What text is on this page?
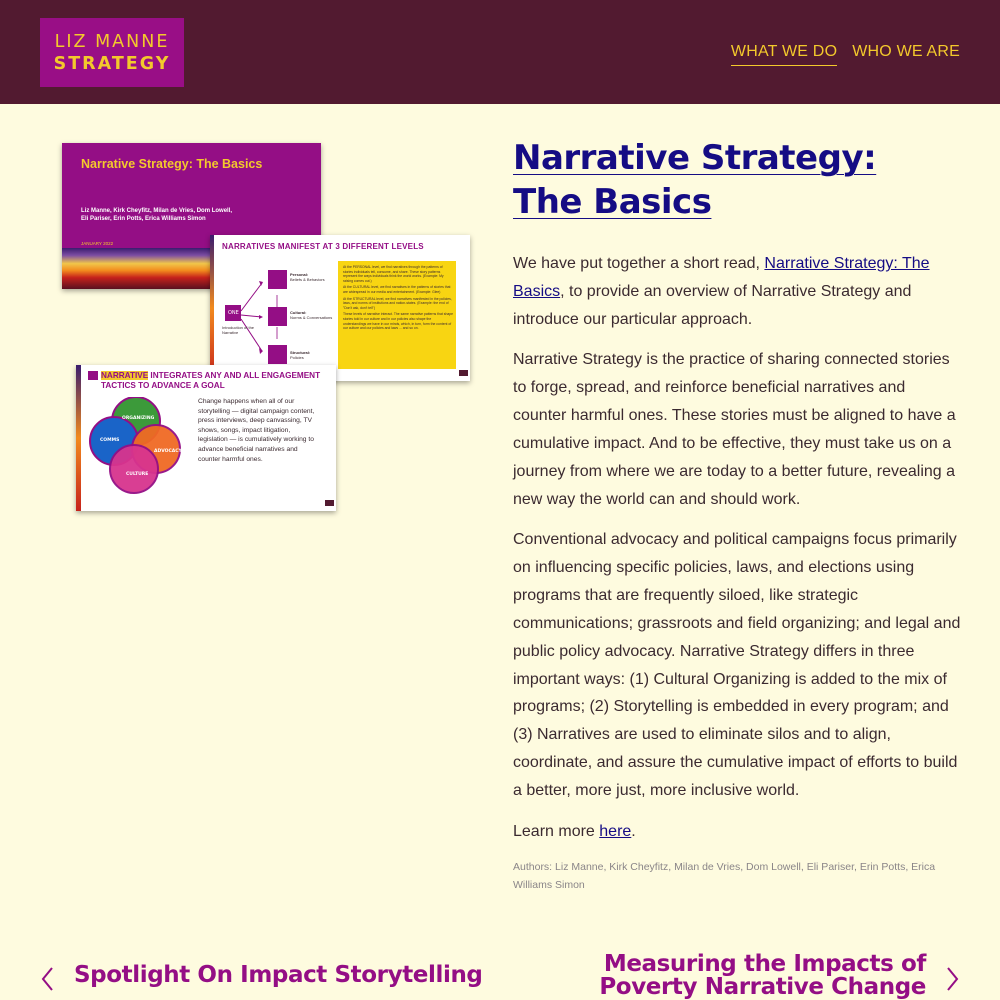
LIZ MANNE
STRATEGY
WHAT WE DO WHO WE ARE
Narrative Strategy: The Basics
Liz Manne, Kirk Cheyfitz, Milan de Vries, Dom Lowell,
Eli Pariser, Erin Potts, Erica Williams Simon
JANUARY 2022	NARRATIVES MANIFEST AT 3 DIFFERENT LEVELS
ONE
Introduction of the Narrative
Personal:
Beliefs & Behaviors
Cultural:
Norms & Conversations
Structural:
Policies

At the PERSONAL level, we find narratives through the patterns of stories individuals tell, consume, and share. These story patterns represent the ways individuals think the world works. (Example: My raising comes out.)

At the CULTURAL level, we find narratives in the patterns of stories that are widespread in our media and entertainment. (Example: Glee)

At the STRUCTURAL level, we find narratives manifested in the policies, laws, and norms of institutions and nation-states. (Example: the end of "Don't ask, don't tell")

These levels of narrative interact. The same narrative patterns that shape stories told in our culture and in our policies also shape the understandings we have in our minds, which, in turn, form the content of our culture and our policies and laws ... and so on.

NARRATIVE INTEGRATES ANY AND ALL ENGAGEMENT TACTICS TO ADVANCE A GOAL
ORGANIZING
COMMS
ADVOCACY
CULTURE
Change happens when all of our storytelling — digital campaign content, press interviews, deep canvassing, TV shows, songs, impact litigation, legislation — is cumulatively working to advance beneficial narratives and counter harmful ones.
Narrative Strategy: The Basics

We have put together a short read, Narrative Strategy: The Basics, to provide an overview of Narrative Strategy and introduce our particular approach.

Narrative Strategy is the practice of sharing connected stories to forge, spread, and reinforce beneficial narratives and counter harmful ones. These stories must be aligned to have a cumulative impact. And to be effective, they must take us on a journey from where we are today to a better future, revealing a new way the world can and should work.

Conventional advocacy and political campaigns focus primarily on influencing specific policies, laws, and elections using programs that are frequently siloed, like strategic communications; grassroots and field organizing; and legal and public policy advocacy. Narrative Strategy differs in three important ways: (1) Cultural Organizing is added to the mix of programs; (2) Storytelling is embedded in every program; and (3) Narratives are used to eliminate silos and to align, coordinate, and assure the cumulative impact of efforts to build a better, more just, more inclusive world.

Learn more here.

Authors: Liz Manne, Kirk Cheyfitz, Milan de Vries, Dom Lowell, Eli Pariser, Erin Potts, Erica Williams Simon

Spotlight On Impact Storytelling	Measuring the Impacts of Poverty Narrative Change
